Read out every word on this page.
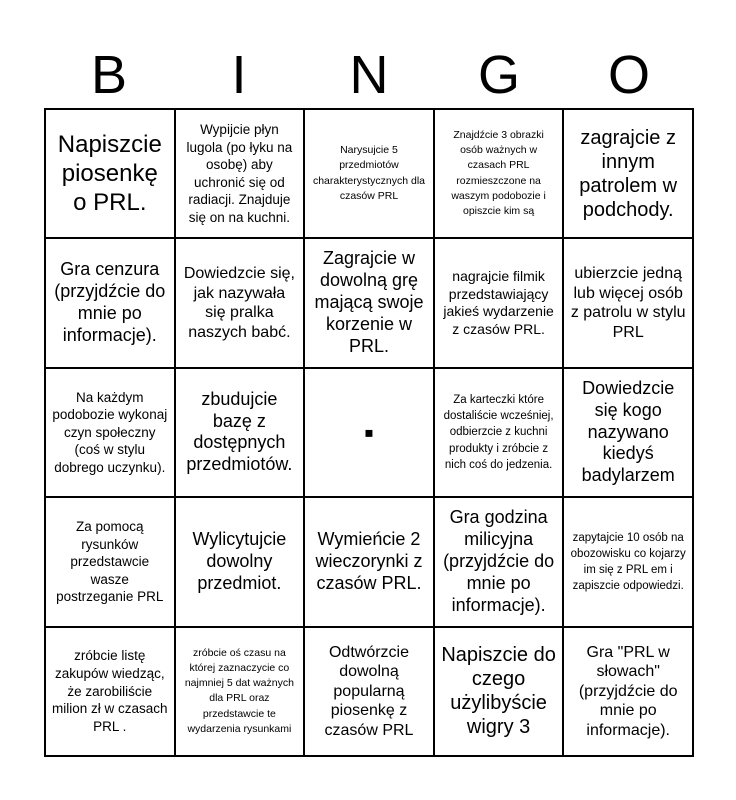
B	I	N	G	O
Napiszcie piosenkę o PRL.
Wypijcie płyn lugola (po łyku na osobę) aby uchronić się od radiacji. Znajduje się on na kuchni.
Narysujcie 5 przedmiotów charakterystycznych dla czasów PRL
Znajdźcie 3 obrazki osób ważnych w czasach PRL rozmieszczone na waszym podobozie i opiszcie kim są
zagrajcie z innym patrolem w podchody.
Gra cenzura (przyjdźcie do mnie po informacje).
Dowiedzcie się, jak nazywała się pralka naszych babć.
Zagrajcie w dowolną grę mającą swoje korzenie w PRL.
nagrajcie filmik przedstawiający jakieś wydarzenie z czasów PRL.
ubierzcie jedną lub więcej osób z patrolu w stylu PRL
Na każdym podobozie wykonaj czyn społeczny (coś w stylu dobrego uczynku).
zbudujcie bazę z dostępnych przedmiotów.
▪
Za karteczki które dostaliście wcześniej, odbierzcie z kuchni produkty i zróbcie z nich coś do jedzenia.
Dowiedzcie się kogo nazywano kiedyś badylarzem
Za pomocą rysunków przedstawcie wasze postrzeganie PRL
Wylicytujcie dowolny przedmiot.
Wymieńcie 2 wieczorynki z czasów PRL.
Gra godzina milicyjna (przyjdźcie do mnie po informacje).
zapytajcie 10 osób na obozowisku co kojarzy im się z PRL em i zapiszcie odpowiedzi.
zróbcie listę zakupów wiedząc, że zarobiliście milion zł w czasach PRL .
zróbcie oś czasu na której zaznaczycie co najmniej 5 dat ważnych dla PRL oraz przedstawcie te wydarzenia rysunkami
Odtwórzcie dowolną popularną piosenkę z czasów PRL
Napiszcie do czego użylibyście wigry 3
Gra "PRL w słowach" (przyjdźcie do mnie po informacje).
